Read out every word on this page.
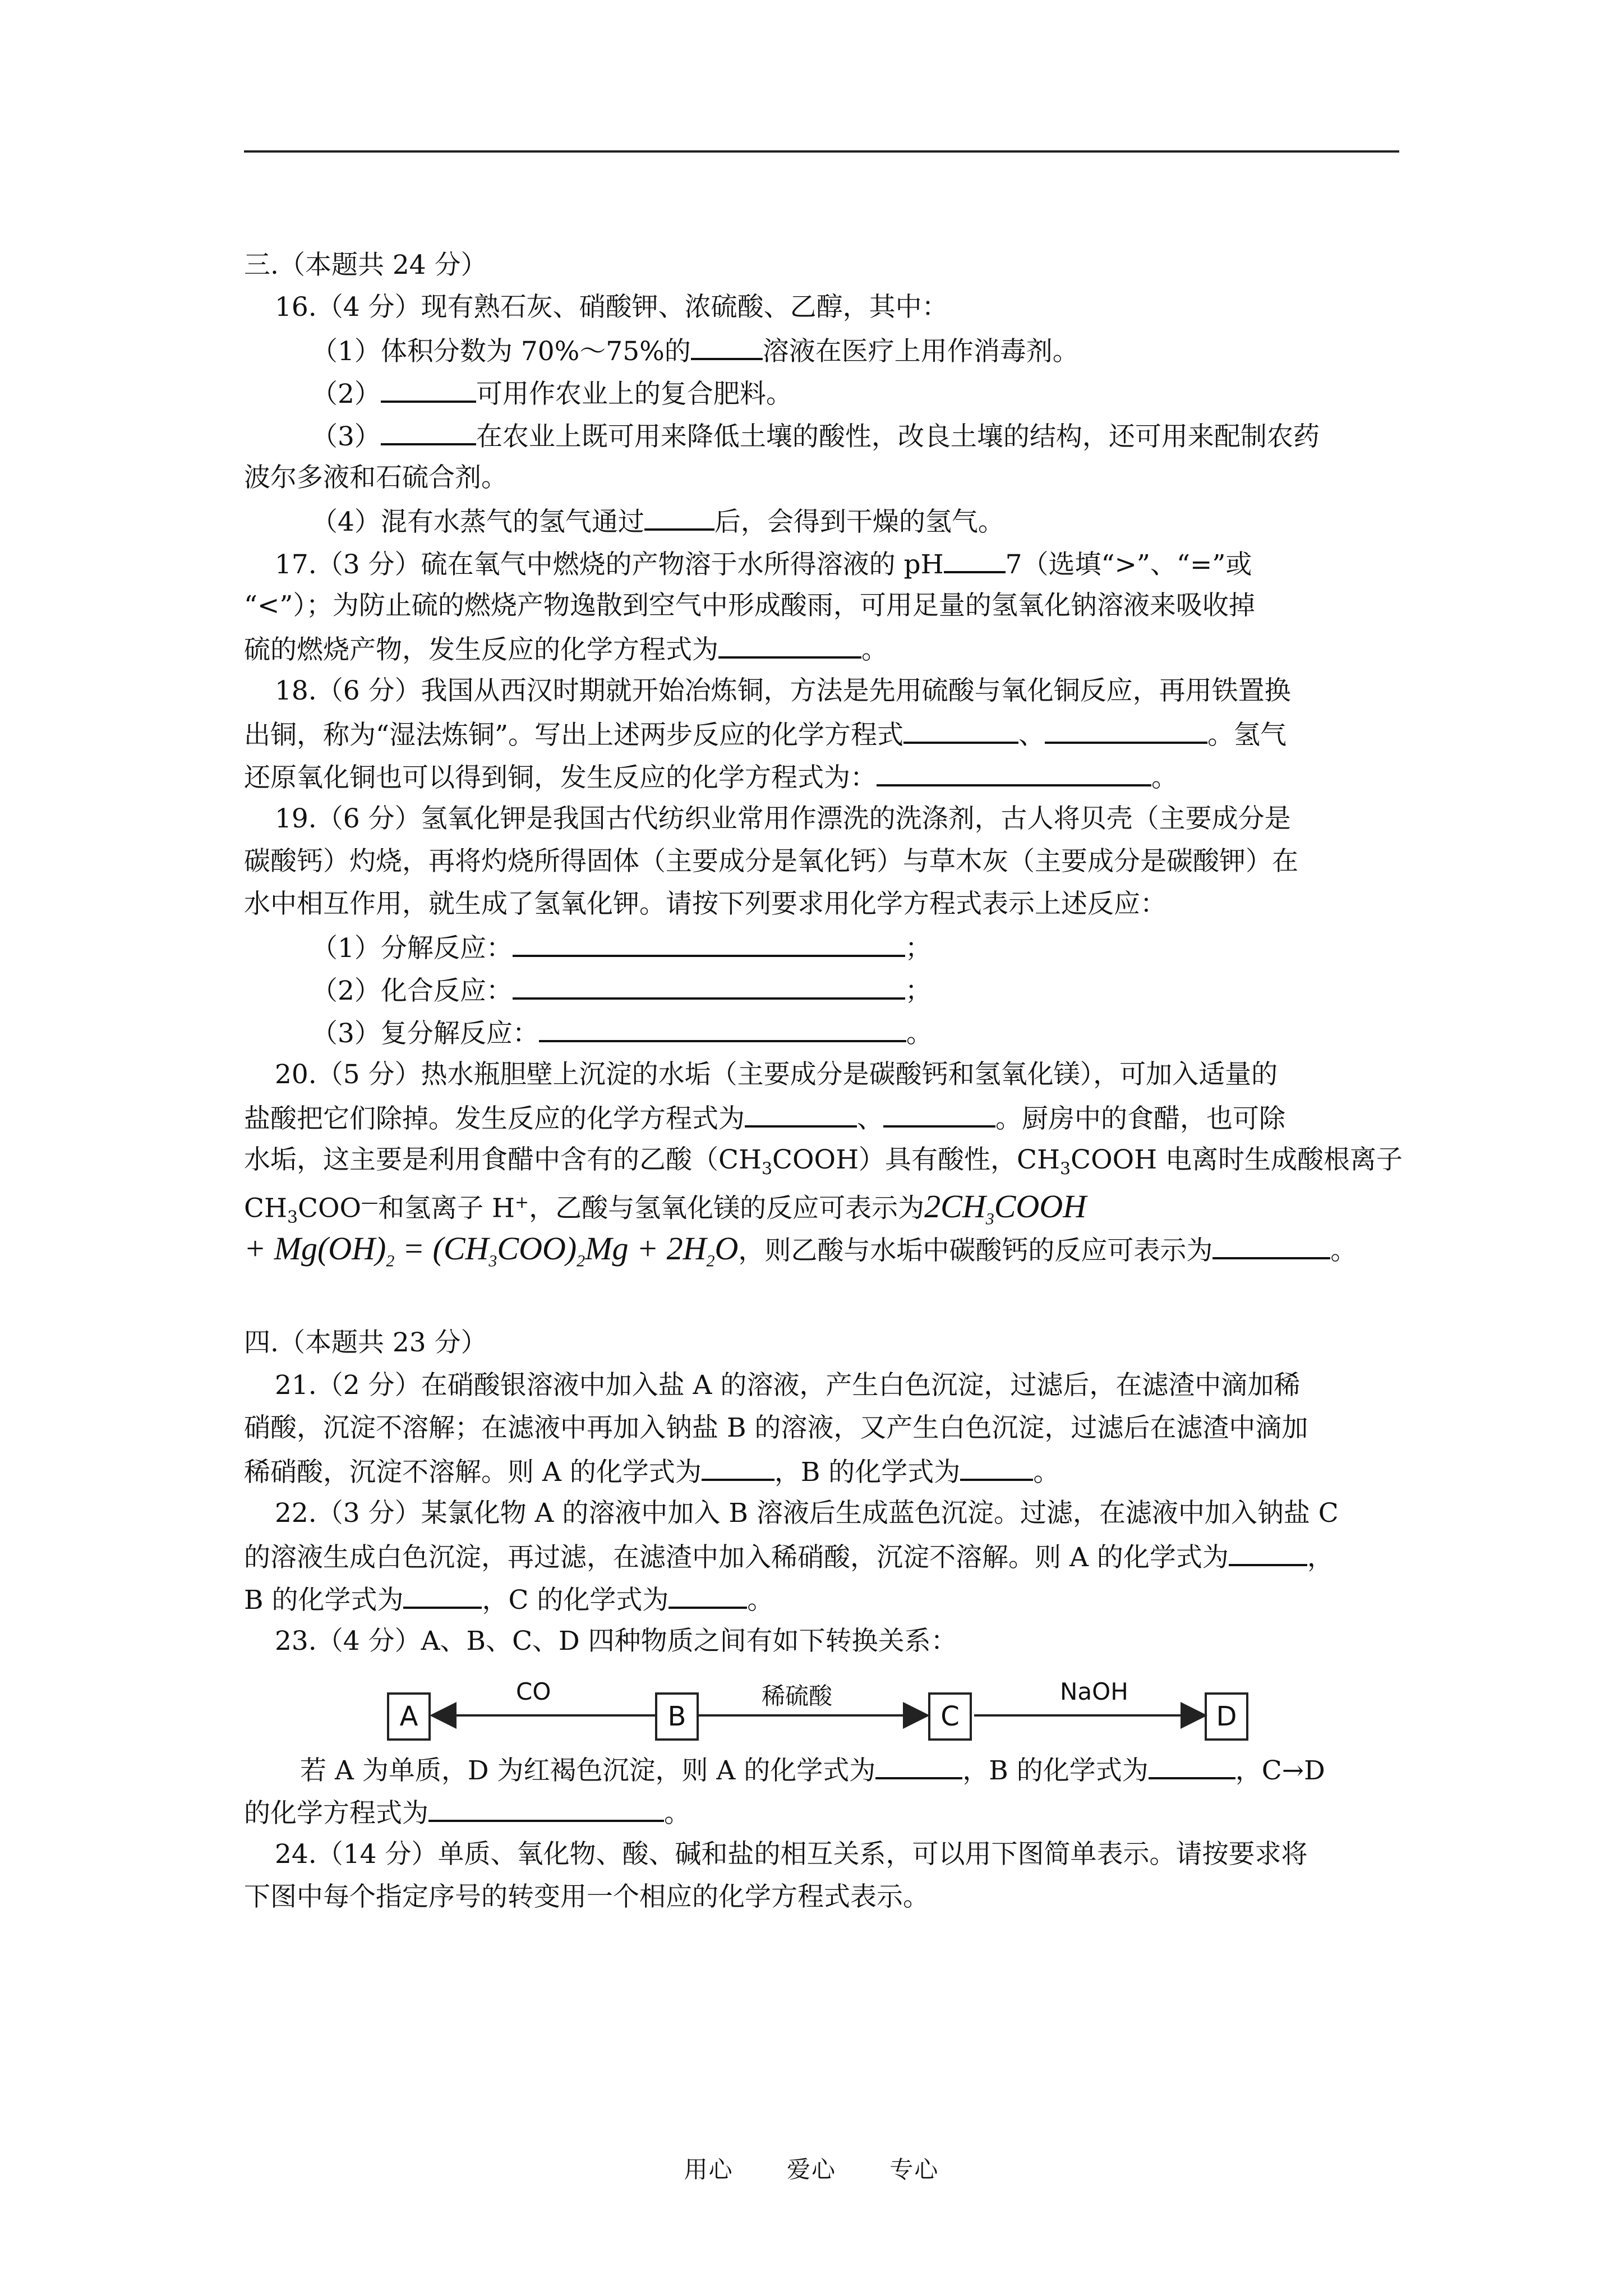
三.（本题共 24 分）
16.（4 分）现有熟石灰、硝酸钾、浓硫酸、乙醇，其中：
（1）体积分数为 70%～75%的	溶液在医疗上用作消毒剂。
（2）	可用作农业上的复合肥料。
（3）	在农业上既可用来降低土壤的酸性，改良土壤的结构，还可用来配制农药
波尔多液和石硫合剂。
（4）混有水蒸气的氢气通过	后，会得到干燥的氢气。
17.（3 分）硫在氧气中燃烧的产物溶于水所得溶液的 pH 7（选填“>”、“=”或
“<”）；为防止硫的燃烧产物逸散到空气中形成酸雨，可用足量的氢氧化钠溶液来吸收掉
硫的燃烧产物，发生反应的化学方程式为	。
18.（6 分）我国从西汉时期就开始冶炼铜，方法是先用硫酸与氧化铜反应，再用铁置换
出铜，称为“湿法炼铜”。写出上述两步反应的化学方程式	、	。氢气
还原氧化铜也可以得到铜，发生反应的化学方程式为：	。
19.（6 分）氢氧化钾是我国古代纺织业常用作漂洗的洗涤剂，古人将贝壳（主要成分是
碳酸钙）灼烧，再将灼烧所得固体（主要成分是氧化钙）与草木灰（主要成分是碳酸钾）在
水中相互作用，就生成了氢氧化钾。请按下列要求用化学方程式表示上述反应：
（1）分解反应：	；
（2）化合反应：	；
（3）复分解反应：	。
20.（5 分）热水瓶胆壁上沉淀的水垢（主要成分是碳酸钙和氢氧化镁），可加入适量的
盐酸把它们除掉。发生反应的化学方程式为	、	。厨房中的食醋，也可除
水垢，这主要是利用食醋中含有的乙酸$(CH_3COOH)$具有酸性，$CH_3COOH$ 电离时生成酸根离子
$CH_3COO^—$和氢离子 H+，乙酸与氢氧化镁的反应可表示为$2CH_3COOH$
+ $Mg(OH)_2 = (CH_3COO)_2Mg + 2H_2O$，则乙酸与水垢中碳酸钙的反应可表示为	。
四.（本题共 23 分）
21.（2 分）在硝酸银溶液中加入盐 A 的溶液，产生白色沉淀，过滤后，在滤渣中滴加稀
硝酸，沉淀不溶解；在滤液中再加入钠盐 B 的溶液，又产生白色沉淀，过滤后在滤渣中滴加
稀硝酸，沉淀不溶解。则 A 的化学式为	，B 的化学式为	。
22.（3 分）某氯化物 A 的溶液中加入 B 溶液后生成蓝色沉淀。过滤，在滤液中加入钠盐 C
的溶液生成白色沉淀，再过滤，在滤渣中加入稀硝酸，沉淀不溶解。则 A 的化学式为	，
B 的化学式为	，C 的化学式为	。
23.（4 分）A、B、C、D 四种物质之间有如下转换关系：
A	B	C	D
CO	稀硫酸	NaOH
若 A 为单质，D 为红褐色沉淀，则 A 的化学式为	，B 的化学式为	，C→D
的化学方程式为	。
24.（14 分）单质、氧化物、酸、碱和盐的相互关系，可以用下图简单表示。请按要求将
下图中每个指定序号的转变用一个相应的化学方程式表示。
用心 爱心 专心
